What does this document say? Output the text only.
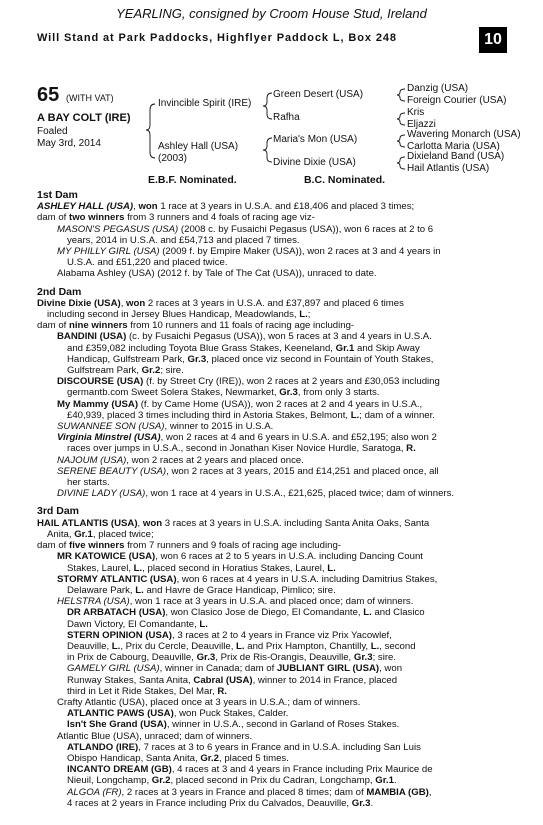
YEARLING, consigned by Croom House Stud, Ireland
Will Stand at Park Paddocks, Highflyer Paddock L, Box 248	10
65 (WITH VAT)
A BAY COLT (IRE)
Foaled
May 3rd, 2014
Invincible Spirit (IRE)
Ashley Hall (USA)
(2003)
Green Desert (USA)
Rafha
Maria's Mon (USA)
Divine Dixie (USA)
Danzig (USA)
Foreign Courier (USA)
Kris
Eljazzi
Wavering Monarch (USA)
Carlotta Maria (USA)
Dixieland Band (USA)
Hail Atlantis (USA)
E.B.F. Nominated.	B.C. Nominated.
1st Dam
ASHLEY HALL (USA), won 1 race at 3 years in U.S.A. and £18,406 and placed 3 times;
dam of two winners from 3 runners and 4 foals of racing age viz-
MASON'S PEGASUS (USA) (2008 c. by Fusaichi Pegasus (USA)), won 6 races at 2 to 6
years, 2014 in U.S.A. and £54,713 and placed 7 times.
MY PHILLY GIRL (USA) (2009 f. by Empire Maker (USA)), won 2 races at 3 and 4 years in
U.S.A. and £51,220 and placed twice.
Alabama Ashley (USA) (2012 f. by Tale of The Cat (USA)), unraced to date.
2nd Dam
Divine Dixie (USA), won 2 races at 3 years in U.S.A. and £37,897 and placed 6 times
including second in Jersey Blues Handicap, Meadowlands, L.;
dam of nine winners from 10 runners and 11 foals of racing age including-
BANDINI (USA) (c. by Fusaichi Pegasus (USA)), won 5 races at 3 and 4 years in U.S.A.
and £359,082 including Toyota Blue Grass Stakes, Keeneland, Gr.1 and Skip Away
Handicap, Gulfstream Park, Gr.3, placed once viz second in Fountain of Youth Stakes,
Gulfstream Park, Gr.2; sire.
DISCOURSE (USA) (f. by Street Cry (IRE)), won 2 races at 2 years and £30,053 including
germantb.com Sweet Solera Stakes, Newmarket, Gr.3, from only 3 starts.
My Mammy (USA) (f. by Came Home (USA)), won 2 races at 2 and 4 years in U.S.A.,
£40,939, placed 3 times including third in Astoria Stakes, Belmont, L.; dam of a winner.
SUWANNEE SON (USA), winner to 2015 in U.S.A.
Virginia Minstrel (USA), won 2 races at 4 and 6 years in U.S.A. and £52,195; also won 2
races over jumps in U.S.A., second in Jonathan Kiser Novice Hurdle, Saratoga, R.
NAJOUM (USA), won 2 races at 2 years and placed once.
SERENE BEAUTY (USA), won 2 races at 3 years, 2015 and £14,251 and placed once, all
her starts.
DIVINE LADY (USA), won 1 race at 4 years in U.S.A., £21,625, placed twice; dam of winners.
3rd Dam
HAIL ATLANTIS (USA), won 3 races at 3 years in U.S.A. including Santa Anita Oaks, Santa
Anita, Gr.1, placed twice;
dam of five winners from 7 runners and 9 foals of racing age including-
MR KATOWICE (USA), won 6 races at 2 to 5 years in U.S.A. including Dancing Count
Stakes, Laurel, L., placed second in Horatius Stakes, Laurel, L.
STORMY ATLANTIC (USA), won 6 races at 4 years in U.S.A. including Damitrius Stakes,
Delaware Park, L. and Havre de Grace Handicap, Pimlico; sire.
HELSTRA (USA), won 1 race at 3 years in U.S.A. and placed once; dam of winners.
DR ARBATACH (USA), won Clasico Jose de Diego, El Comandante, L. and Clasico
Dawn Victory, El Comandante, L.
STERN OPINION (USA), 3 races at 2 to 4 years in France viz Prix Yacowlef,
Deauville, L., Prix du Cercle, Deauville, L. and Prix Hampton, Chantilly, L., second
in Prix de Cabourg, Deauville, Gr.3, Prix de Ris-Orangis, Deauville, Gr.3; sire.
GAMELY GIRL (USA), winner in Canada; dam of JUBLIANT GIRL (USA), won
Runway Stakes, Santa Anita, Cabral (USA), winner to 2014 in France, placed
third in Let it Ride Stakes, Del Mar, R.
Crafty Atlantic (USA), placed once at 3 years in U.S.A.; dam of winners.
ATLANTIC PAWS (USA), won Puck Stakes, Calder.
Isn't She Grand (USA), winner in U.S.A., second in Garland of Roses Stakes.
Atlantic Blue (USA), unraced; dam of winners.
ATLANDO (IRE), 7 races at 3 to 6 years in France and in U.S.A. including San Luis
Obispo Handicap, Santa Anita, Gr.2, placed 5 times.
INCANTO DREAM (GB), 4 races at 3 and 4 years in France including Prix Maurice de
Nieuil, Longchamp, Gr.2, placed second in Prix du Cadran, Longchamp, Gr.1.
ALGOA (FR), 2 races at 3 years in France and placed 8 times; dam of MAMBIA (GB),
4 races at 2 years in France including Prix du Calvados, Deauville, Gr.3.
